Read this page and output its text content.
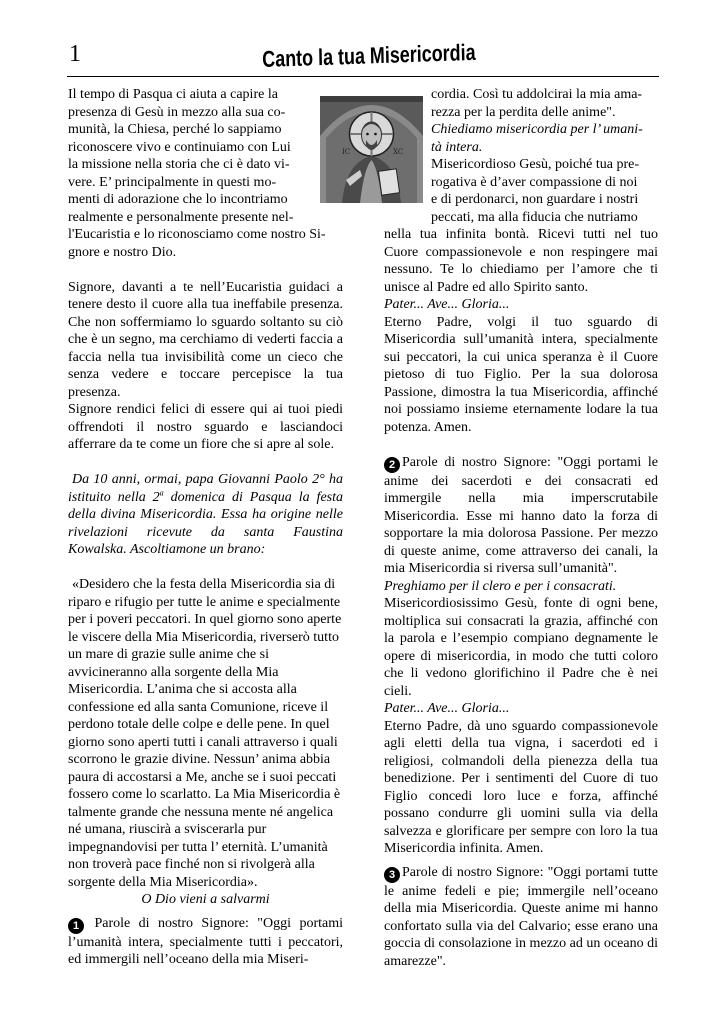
1	Canto la tua Misericordia
IC	XC

Il tempo di Pasqua ci aiuta a capire la

presenza di Gesù in mezzo alla sua co-

munità, la Chiesa, perché lo sappiamo

riconoscere vivo e continuiamo con Lui

la missione nella storia che ci è dato vi-

vere. E’ principalmente in questi mo-

menti di adorazione che lo incontriamo

realmente e personalmente presente nel-

l'Eucaristia e lo riconosciamo come nostro Si-

gnore e nostro Dio.

Signore, davanti a te nell’Eucaristia guidaci a tenere desto il cuore alla tua ineffabile presenza. Che non soffermiamo lo sguardo soltanto su ciò che è un segno, ma cerchiamo di vederti faccia a faccia nella tua invisibilità come un cieco che senza vedere e toccare percepisce la tua presenza.

Signore rendici felici di essere qui ai tuoi piedi offrendoti il nostro sguardo e lasciandoci afferrare da te come un fiore che si apre al sole.

Da 10 anni, ormai, papa Giovanni Paolo 2° ha istituito nella 2$^a$ domenica di Pasqua la festa della divina Misericordia. Essa ha origine nelle rivelazioni ricevute da santa Faustina Kowalska. Ascoltiamone un brano:

«Desidero che la festa della Misericordia sia di riparo e rifugio per tutte le anime e specialmente per i poveri peccatori. In quel giorno sono aperte le viscere della Mia Misericordia, riverserò tutto un mare di grazie sulle anime che si avvicineranno alla sorgente della Mia Misericordia. L’anima che si accosta alla confessione ed alla santa Comunione, riceve il perdono totale delle colpe e delle pene. In quel giorno sono aperti tutti i canali attraverso i quali scorrono le grazie divine. Nessun’ anima abbia paura di accostarsi a Me, anche se i suoi peccati fossero come lo scarlatto. La Mia Misericordia è talmente grande che nessuna mente né angelica né umana, riuscirà a sviscerarla pur impegnandovisi per tutta l’ eternità. L’umanità non troverà pace finché non si rivolgerà alla sorgente della Mia Misericordia».

O Dio vieni a salvarmi

1 Parole di nostro Signore: "Oggi portami l’umanità intera, specialmente tutti i peccatori, ed immergili nell’oceano della mia Miseri-

cordia. Così tu addolcirai la mia ama-

rezza per la perdita delle anime".

Chiediamo misericordia per l’ umani-

tà intera.

Misericordioso Gesù, poiché tua pre-

rogativa è d’aver compassione di noi

e di perdonarci, non guardare i nostri

peccati, ma alla fiducia che nutriamo

nella tua infinita bontà. Ricevi tutti nel tuo Cuore compassionevole e non respingere mai nessuno. Te lo chiediamo per l’amore che ti unisce al Padre ed allo Spirito santo.

Pater... Ave... Gloria...

Eterno Padre, volgi il tuo sguardo di Misericordia sull’umanità intera, specialmente sui peccatori, la cui unica speranza è il Cuore pietoso di tuo Figlio. Per la sua dolorosa Passione, dimostra la tua Misericordia, affinché noi possiamo insieme eternamente lodare la tua potenza. Amen.

2 Parole di nostro Signore: "Oggi portami le anime dei sacerdoti e dei consacrati ed immergile nella mia imperscrutabile Misericordia. Esse mi hanno dato la forza di sopportare la mia dolorosa Passione. Per mezzo di queste anime, come attraverso dei canali, la mia Misericordia si riversa sull’umanità".

Preghiamo per il clero e per i consacrati.

Misericordiosissimo Gesù, fonte di ogni bene, moltiplica sui consacrati la grazia, affinché con la parola e l’esempio compiano degnamente le opere di misericordia, in modo che tutti coloro che li vedono glorifichino il Padre che è nei cieli.

Pater... Ave... Gloria...

Eterno Padre, dà uno sguardo compassionevole agli eletti della tua vigna, i sacerdoti ed i religiosi, colmandoli della pienezza della tua benedizione. Per i sentimenti del Cuore di tuo Figlio concedi loro luce e forza, affinché possano condurre gli uomini sulla via della salvezza e glorificare per sempre con loro la tua Misericordia infinita. Amen.

3 Parole di nostro Signore: "Oggi portami tutte le anime fedeli e pie; immergile nell’oceano della mia Misericordia. Queste anime mi hanno confortato sulla via del Calvario; esse erano una goccia di consolazione in mezzo ad un oceano di amarezze".
